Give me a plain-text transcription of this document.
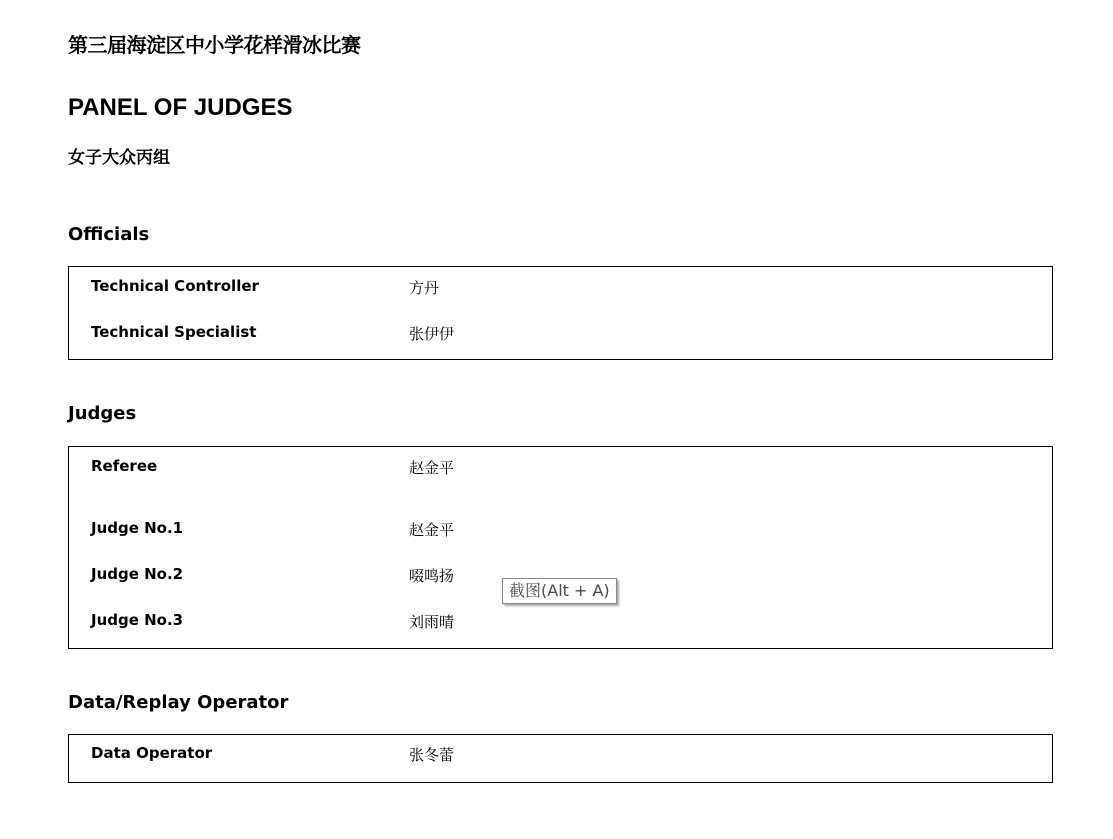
第三届海淀区中小学花样滑冰比赛
PANEL OF JUDGES
女子大众丙组
Officials
Technical Controller	方丹
Technical Specialist	张伊伊
Judges
Referee	赵金平
Judge No.1	赵金平
Judge No.2	啜鸣扬
Judge No.3	刘雨晴
Data/Replay Operator
Data Operator	张冬蕾
截图(Alt + A)
